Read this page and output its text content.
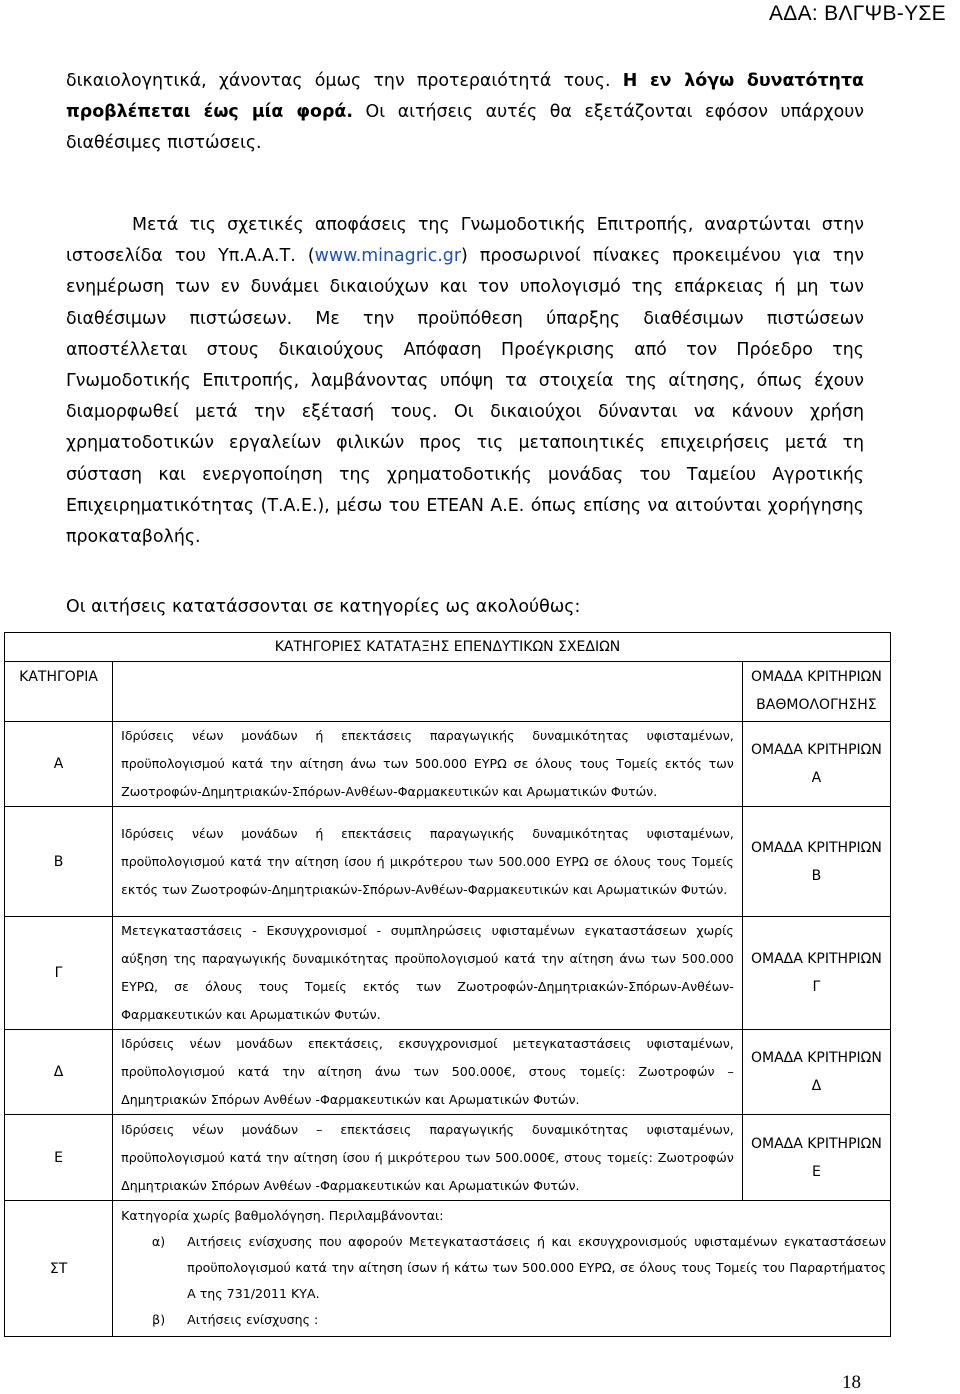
ΑΔΑ: ΒΛΓΨΒ-ΥΣΕ

δικαιολογητικά, χάνοντας όμως την προτεραιότητά τους. Η εν λόγω δυνατότητα προβλέπεται έως μία φορά. Οι αιτήσεις αυτές θα εξετάζονται εφόσον υπάρχουν διαθέσιμες πιστώσεις.

Μετά τις σχετικές αποφάσεις της Γνωμοδοτικής Επιτροπής, αναρτώνται στην ιστοσελίδα του Υπ.Α.Α.Τ. (www.minagric.gr) προσωρινοί πίνακες προκειμένου για την ενημέρωση των εν δυνάμει δικαιούχων και τον υπολογισμό της επάρκειας ή μη των διαθέσιμων πιστώσεων. Με την προϋπόθεση ύπαρξης διαθέσιμων πιστώσεων αποστέλλεται στους δικαιούχους Απόφαση Προέγκρισης από τον Πρόεδρο της Γνωμοδοτικής Επιτροπής, λαμβάνοντας υπόψη τα στοιχεία της αίτησης, όπως έχουν διαμορφωθεί μετά την εξέτασή τους. Οι δικαιούχοι δύνανται να κάνουν χρήση χρηματοδοτικών εργαλείων φιλικών προς τις μεταποιητικές επιχειρήσεις μετά τη σύσταση και ενεργοποίηση της χρηματοδοτικής μονάδας του Ταμείου Αγροτικής Επιχειρηματικότητας (Τ.Α.Ε.), μέσω του ΕΤΕΑΝ Α.Ε. όπως επίσης να αιτούνται χορήγησης προκαταβολής.

Οι αιτήσεις κατατάσσονται σε κατηγορίες ως ακολούθως:

ΚΑΤΗΓΟΡΙΕΣ ΚΑΤΑΤΑΞΗΣ ΕΠΕΝΔΥΤΙΚΩΝ ΣΧΕΔΙΩΝ		
ΚΑΤΗΓΟΡΙΑ		ΟΜΑΔΑ ΚΡΙΤΗΡΙΩΝ
ΒΑΘΜΟΛΟΓΗΣΗΣ

Α	Ιδρύσεις νέων μονάδων ή επεκτάσεις παραγωγικής δυναμικότητας υφισταμένων, προϋπολογισμού κατά την αίτηση άνω των 500.000 ΕΥΡΩ σε όλους τους Τομείς εκτός των Ζωοτροφών-Δημητριακών-Σπόρων-Ανθέων-Φαρμακευτικών και Αρωματικών Φυτών.	ΟΜΑΔΑ ΚΡΙΤΗΡΙΩΝ
Α

Β	Ιδρύσεις νέων μονάδων ή επεκτάσεις παραγωγικής δυναμικότητας υφισταμένων, προϋπολογισμού κατά την αίτηση ίσου ή μικρότερου των 500.000 ΕΥΡΩ σε όλους τους Τομείς εκτός των Ζωοτροφών-Δημητριακών-Σπόρων-Ανθέων-Φαρμακευτικών και Αρωματικών Φυτών.	ΟΜΑΔΑ ΚΡΙΤΗΡΙΩΝ
Β

Γ	Μετεγκαταστάσεις - Εκσυγχρονισμοί - συμπληρώσεις υφισταμένων εγκαταστάσεων χωρίς αύξηση της παραγωγικής δυναμικότητας προϋπολογισμού κατά την αίτηση άνω των 500.000 ΕΥΡΩ, σε όλους τους Τομείς εκτός των Ζωοτροφών-Δημητριακών-Σπόρων-Ανθέων-Φαρμακευτικών και Αρωματικών Φυτών.	ΟΜΑΔΑ ΚΡΙΤΗΡΙΩΝ
Γ

Δ	Ιδρύσεις νέων μονάδων επεκτάσεις, εκσυγχρονισμοί μετεγκαταστάσεις υφισταμένων, προϋπολογισμού κατά την αίτηση άνω των 500.000€, στους τομείς: Ζωοτροφών – Δημητριακών Σπόρων Ανθέων -Φαρμακευτικών και Αρωματικών Φυτών.	ΟΜΑΔΑ ΚΡΙΤΗΡΙΩΝ
Δ

Ε	Ιδρύσεις νέων μονάδων – επεκτάσεις παραγωγικής δυναμικότητας υφισταμένων, προϋπολογισμού κατά την αίτηση ίσου ή μικρότερου των 500.000€, στους τομείς: Ζωοτροφών Δημητριακών Σπόρων Ανθέων -Φαρμακευτικών και Αρωματικών Φυτών.	ΟΜΑΔΑ ΚΡΙΤΗΡΙΩΝ
Ε

ΣΤ	Κατηγορία χωρίς βαθμολόγηση. Περιλαμβάνονται:
α) Αιτήσεις ενίσχυσης που αφορούν Μετεγκαταστάσεις ή και εκσυγχρονισμούς υφισταμένων εγκαταστάσεων προϋπολογισμού κατά την αίτηση ίσων ή κάτω των 500.000 ΕΥΡΩ, σε όλους τους Τομείς του Παραρτήματος Α της 731/2011 ΚΥΑ.
β) Αιτήσεις ενίσχυσης :	
18
